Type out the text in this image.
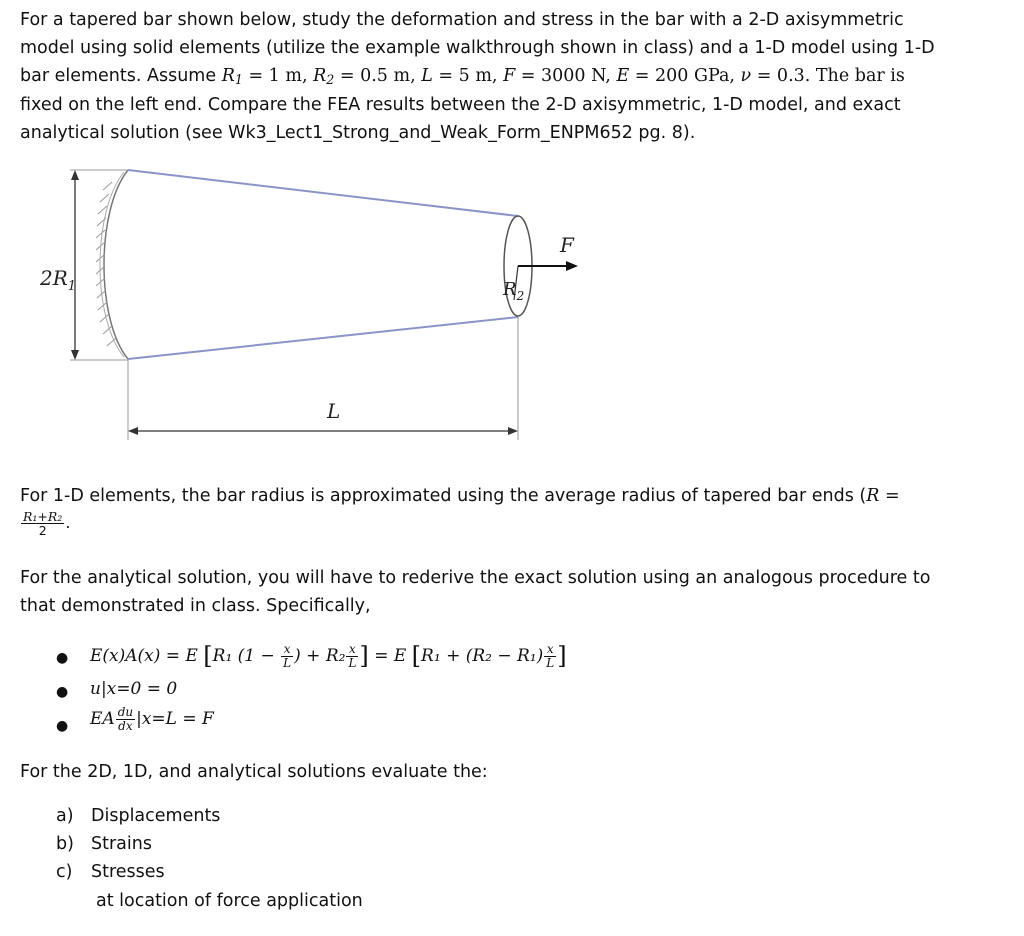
For a tapered bar shown below, study the deformation and stress in the bar with a 2-D axisymmetric
model using solid elements (utilize the example walkthrough shown in class) and a 1-D model using 1-D
bar elements. Assume $R_1 = 1$ m, $R_2 = 0.5$ m, L = 5 m, F = 3000 N, E = 200 GPa, ν = 0.3. The bar is
fixed on the left end. Compare the FEA results between the 2-D axisymmetric, 1-D model, and exact
analytical solution (see Wk3_Lect1_Strong_and_Weak_Form_ENPM652 pg. 8).
$2R_1$	$R_2$
F
L
For 1-D elements, the bar radius is approximated using the average radius of tapered bar ends (R =
$\frac{\text{R₁+R₂}}{2}$ .
For the analytical solution, you will have to rederive the exact solution using an analogous procedure to
that demonstrated in class. Specifically,
● E(x)A(x) = E [R₁ ($1 - \frac{x}{L}$ ) + $R_2 \frac{x}{L}$ ] = E [$R_1 + (R_2 - R_1) \frac{x}{L}$ ]
● u|x=0 = 0
● EA $\frac{du}{dx} |x=L = F$
For the 2D, 1D, and analytical solutions evaluate the:
a) Displacements
b) Strains
c) Stresses
at location of force application
